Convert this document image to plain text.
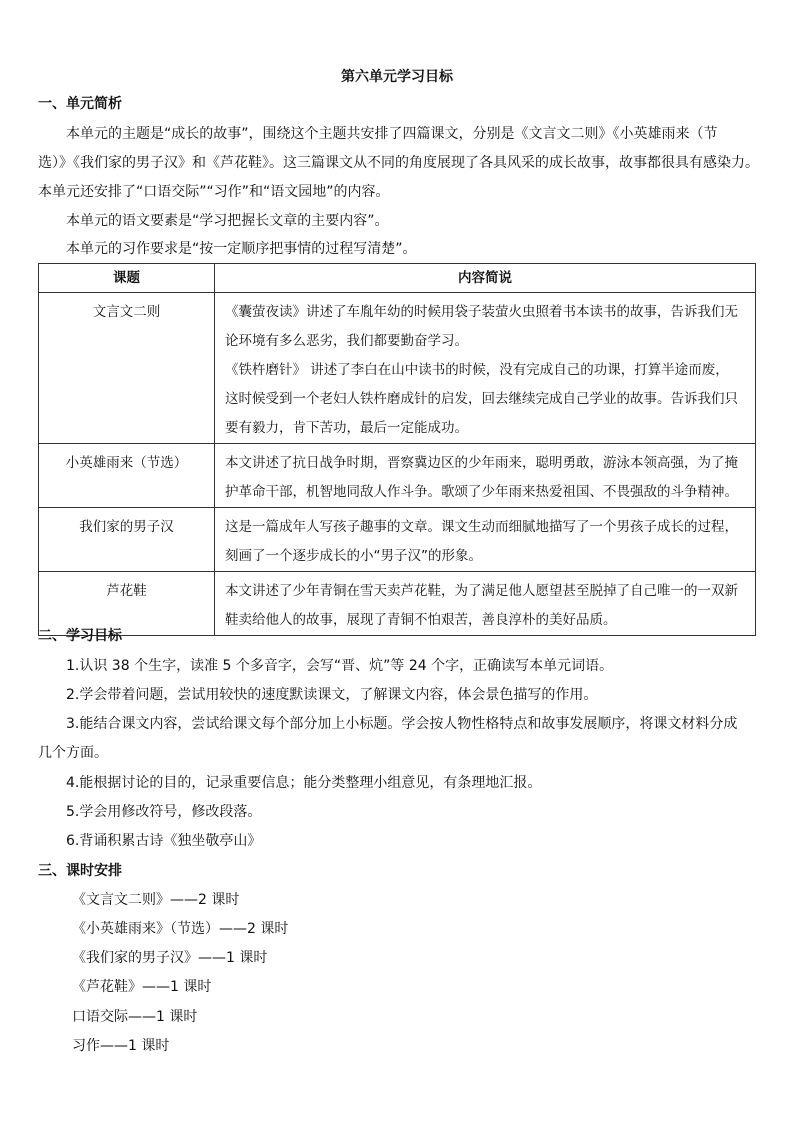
第六单元学习目标
一、单元简析
本单元的主题是“成长的故事”，围绕这个主题共安排了四篇课文，分别是《文言文二则》《小英雄雨来（节
选）》《我们家的男子汉》和《芦花鞋》。这三篇课文从不同的角度展现了各具风采的成长故事，故事都很具有感染力。
本单元还安排了“口语交际”“习作”和“语文园地”的内容。
本单元的语文要素是“学习把握长文章的主要内容”。
本单元的习作要求是“按一定顺序把事情的过程写清楚”。
课题	内容简说
文言文二则	《囊萤夜读》讲述了车胤年幼的时候用袋子装萤火虫照着书本读书的故事，告诉我们无
论环境有多么恶劣，我们都要勤奋学习。
《铁杵磨针》 讲述了李白在山中读书的时候，没有完成自己的功课，打算半途而废，
这时候受到一个老妇人铁杵磨成针的启发，回去继续完成自己学业的故事。告诉我们只
要有毅力，肯下苦功，最后一定能成功。

小英雄雨来（节选）	本文讲述了抗日战争时期，晋察冀边区的少年雨来，聪明勇敢，游泳本领高强，为了掩
护革命干部，机智地同敌人作斗争。歌颂了少年雨来热爱祖国、不畏强敌的斗争精神。

我们家的男子汉	这是一篇成年人写孩子趣事的文章。课文生动而细腻地描写了一个男孩子成长的过程，
刻画了一个逐步成长的小“男子汉”的形象。

芦花鞋	本文讲述了少年青铜在雪天卖芦花鞋，为了满足他人愿望甚至脱掉了自己唯一的一双新
鞋卖给他人的故事，展现了青铜不怕艰苦，善良淳朴的美好品质。
二、学习目标
1.认识 38 个生字，读准 5 个多音字，会写“晋、炕”等 24 个字，正确读写本单元词语。
2.学会带着问题，尝试用较快的速度默读课文，了解课文内容，体会景色描写的作用。
3.能结合课文内容，尝试给课文每个部分加上小标题。学会按人物性格特点和故事发展顺序，将课文材料分成
几个方面。
4.能根据讨论的目的，记录重要信息；能分类整理小组意见，有条理地汇报。
5.学会用修改符号，修改段落。
6.背诵积累古诗《独坐敬亭山》
三、课时安排
《文言文二则》——2 课时
《小英雄雨来》（节选）——2 课时
《我们家的男子汉》——1 课时
《芦花鞋》——1 课时
口语交际——1 课时
习作——1 课时
